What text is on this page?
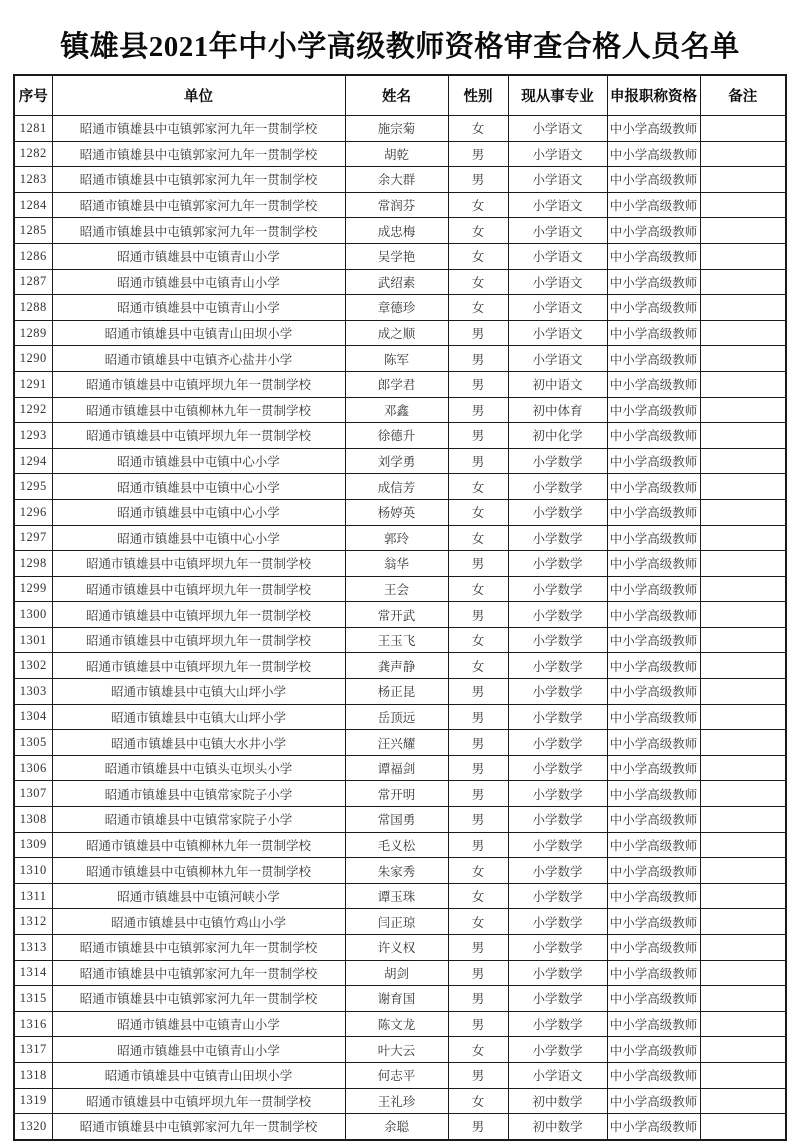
镇雄县2021年中小学高级教师资格审查合格人员名单
序号	单位	姓名	性别	现从事专业	申报职称资格	备注
1281	昭通市镇雄县中屯镇郭家河九年一贯制学校	施宗菊	女	小学语文	中小学高级教师	
1282	昭通市镇雄县中屯镇郭家河九年一贯制学校	胡乾	男	小学语文	中小学高级教师	
1283	昭通市镇雄县中屯镇郭家河九年一贯制学校	余大群	男	小学语文	中小学高级教师	
1284	昭通市镇雄县中屯镇郭家河九年一贯制学校	常润芬	女	小学语文	中小学高级教师	
1285	昭通市镇雄县中屯镇郭家河九年一贯制学校	成忠梅	女	小学语文	中小学高级教师	
1286	昭通市镇雄县中屯镇青山小学	吴学艳	女	小学语文	中小学高级教师	
1287	昭通市镇雄县中屯镇青山小学	武绍素	女	小学语文	中小学高级教师	
1288	昭通市镇雄县中屯镇青山小学	章德珍	女	小学语文	中小学高级教师	
1289	昭通市镇雄县中屯镇青山田坝小学	成之顺	男	小学语文	中小学高级教师	
1290	昭通市镇雄县中屯镇齐心盐井小学	陈军	男	小学语文	中小学高级教师	
1291	昭通市镇雄县中屯镇坪坝九年一贯制学校	郎学君	男	初中语文	中小学高级教师	
1292	昭通市镇雄县中屯镇柳林九年一贯制学校	邓鑫	男	初中体育	中小学高级教师	
1293	昭通市镇雄县中屯镇坪坝九年一贯制学校	徐德升	男	初中化学	中小学高级教师	
1294	昭通市镇雄县中屯镇中心小学	刘学勇	男	小学数学	中小学高级教师	
1295	昭通市镇雄县中屯镇中心小学	成信芳	女	小学数学	中小学高级教师	
1296	昭通市镇雄县中屯镇中心小学	杨婷英	女	小学数学	中小学高级教师	
1297	昭通市镇雄县中屯镇中心小学	郭玲	女	小学数学	中小学高级教师	
1298	昭通市镇雄县中屯镇坪坝九年一贯制学校	翁华	男	小学数学	中小学高级教师	
1299	昭通市镇雄县中屯镇坪坝九年一贯制学校	王会	女	小学数学	中小学高级教师	
1300	昭通市镇雄县中屯镇坪坝九年一贯制学校	常开武	男	小学数学	中小学高级教师	
1301	昭通市镇雄县中屯镇坪坝九年一贯制学校	王玉飞	女	小学数学	中小学高级教师	
1302	昭通市镇雄县中屯镇坪坝九年一贯制学校	龚声静	女	小学数学	中小学高级教师	
1303	昭通市镇雄县中屯镇大山坪小学	杨正昆	男	小学数学	中小学高级教师	
1304	昭通市镇雄县中屯镇大山坪小学	岳顶远	男	小学数学	中小学高级教师	
1305	昭通市镇雄县中屯镇大水井小学	汪兴耀	男	小学数学	中小学高级教师	
1306	昭通市镇雄县中屯镇头屯坝头小学	谭福剑	男	小学数学	中小学高级教师	
1307	昭通市镇雄县中屯镇常家院子小学	常开明	男	小学数学	中小学高级教师	
1308	昭通市镇雄县中屯镇常家院子小学	常国勇	男	小学数学	中小学高级教师	
1309	昭通市镇雄县中屯镇柳林九年一贯制学校	毛义松	男	小学数学	中小学高级教师	
1310	昭通市镇雄县中屯镇柳林九年一贯制学校	朱家秀	女	小学数学	中小学高级教师	
1311	昭通市镇雄县中屯镇河峡小学	谭玉珠	女	小学数学	中小学高级教师	
1312	昭通市镇雄县中屯镇竹鸡山小学	闫正琼	女	小学数学	中小学高级教师	
1313	昭通市镇雄县中屯镇郭家河九年一贯制学校	许义权	男	小学数学	中小学高级教师	
1314	昭通市镇雄县中屯镇郭家河九年一贯制学校	胡剑	男	小学数学	中小学高级教师	
1315	昭通市镇雄县中屯镇郭家河九年一贯制学校	谢育国	男	小学数学	中小学高级教师	
1316	昭通市镇雄县中屯镇青山小学	陈文龙	男	小学数学	中小学高级教师	
1317	昭通市镇雄县中屯镇青山小学	叶大云	女	小学数学	中小学高级教师	
1318	昭通市镇雄县中屯镇青山田坝小学	何志平	男	小学语文	中小学高级教师	
1319	昭通市镇雄县中屯镇坪坝九年一贯制学校	王礼珍	女	初中数学	中小学高级教师	
1320	昭通市镇雄县中屯镇郭家河九年一贯制学校	余聪	男	初中数学	中小学高级教师	
